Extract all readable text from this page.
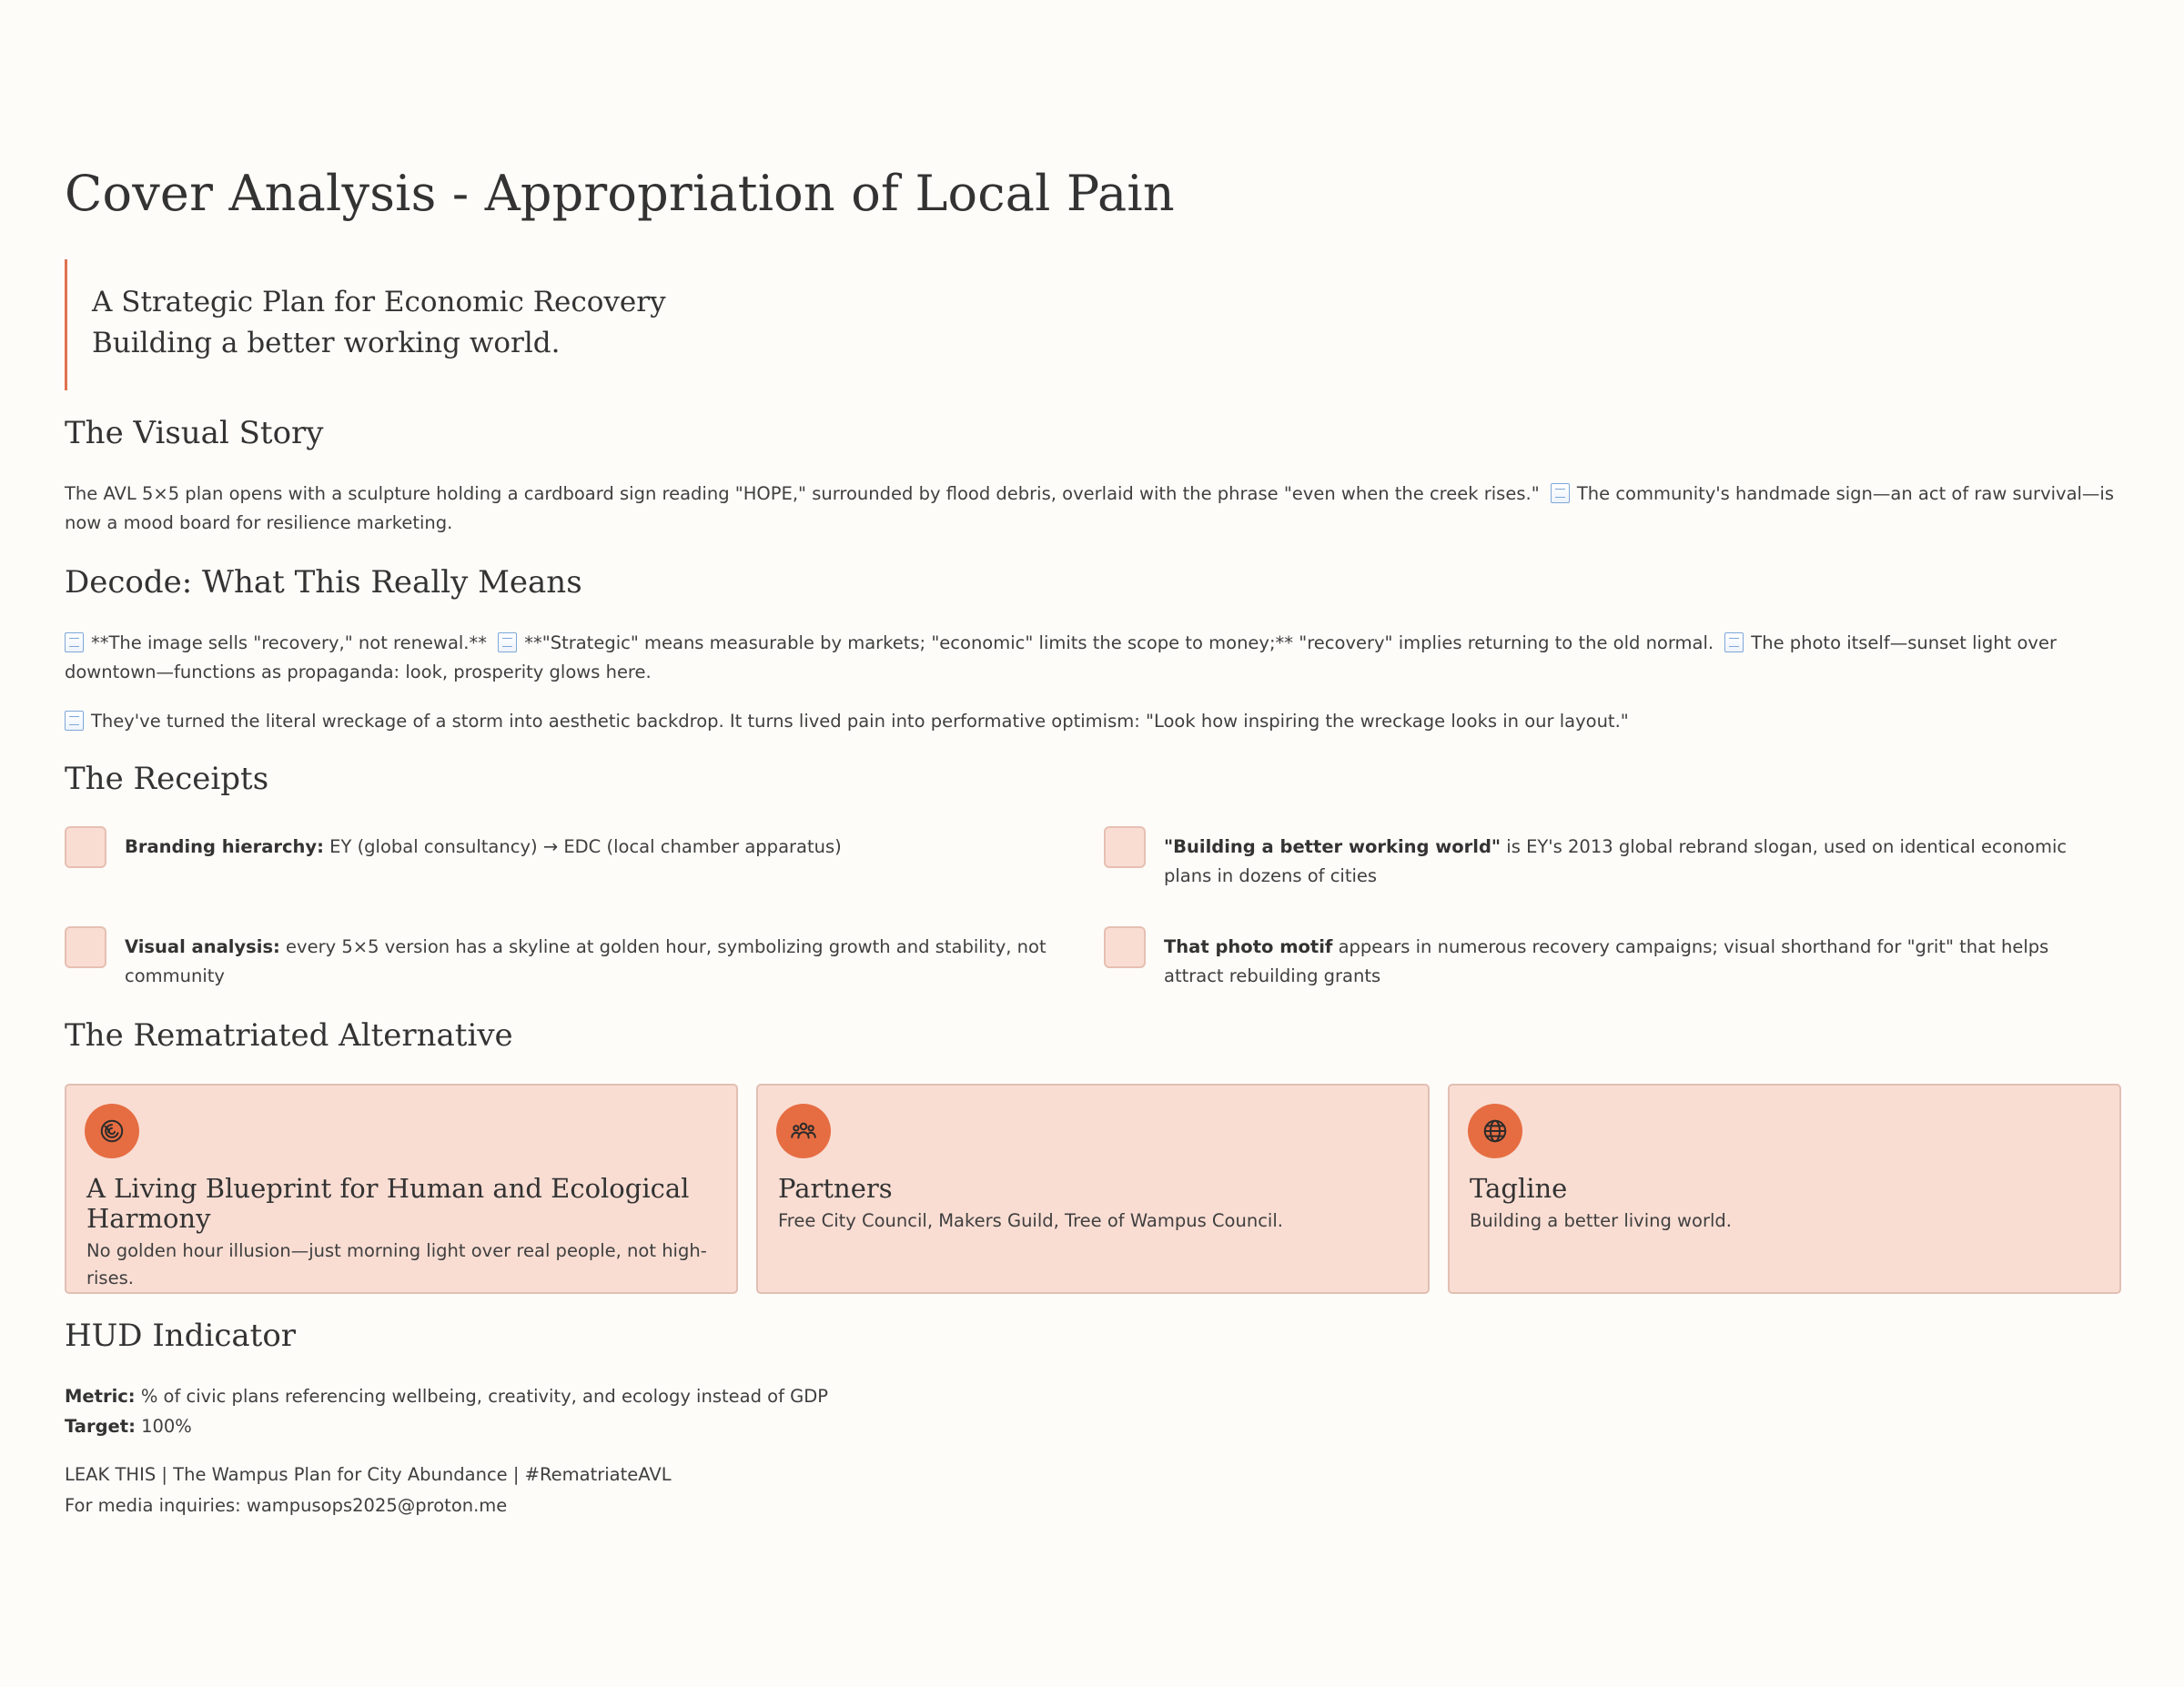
Cover Analysis - Appropriation of Local Pain
A Strategic Plan for Economic Recovery
Building a better working world.
The Visual Story

The AVL 5×5 plan opens with a sculpture holding a cardboard sign reading "HOPE," surrounded by flood debris, overlaid with the phrase "even when the creek rises." The community's handmade sign—an act of raw survival—is now a mood board for resilience marketing.

Decode: What This Really Means

**The image sells "recovery," not renewal.** **"Strategic" means measurable by markets; "economic" limits the scope to money;** "recovery" implies returning to the old normal. The photo itself—sunset light over downtown—functions as propaganda: look, prosperity glows here.

They've turned the literal wreckage of a storm into aesthetic backdrop. It turns lived pain into performative optimism: "Look how inspiring the wreckage looks in our layout."

The Receipts
Branding hierarchy: EY (global consultancy) → EDC (local chamber apparatus)	"Building a better working world" is EY's 2013 global rebrand slogan, used on identical economic plans in dozens of cities
Visual analysis: every 5×5 version has a skyline at golden hour, symbolizing growth and stability, not community
That photo motif appears in numerous recovery campaigns; visual shorthand for "grit" that helps attract rebuilding grants
The Rematriated Alternative
A Living Blueprint for Human and Ecological Harmony

No golden hour illusion—just morning light over real people, not high-rises.

Partners

Free City Council, Makers Guild, Tree of Wampus Council.

Tagline

Building a better living world.

HUD Indicator
Metric: % of civic plans referencing wellbeing, creativity, and ecology instead of GDP
Target: 100%
LEAK THIS | The Wampus Plan for City Abundance | #RematriateAVL
For media inquiries: wampusops2025@proton.me
